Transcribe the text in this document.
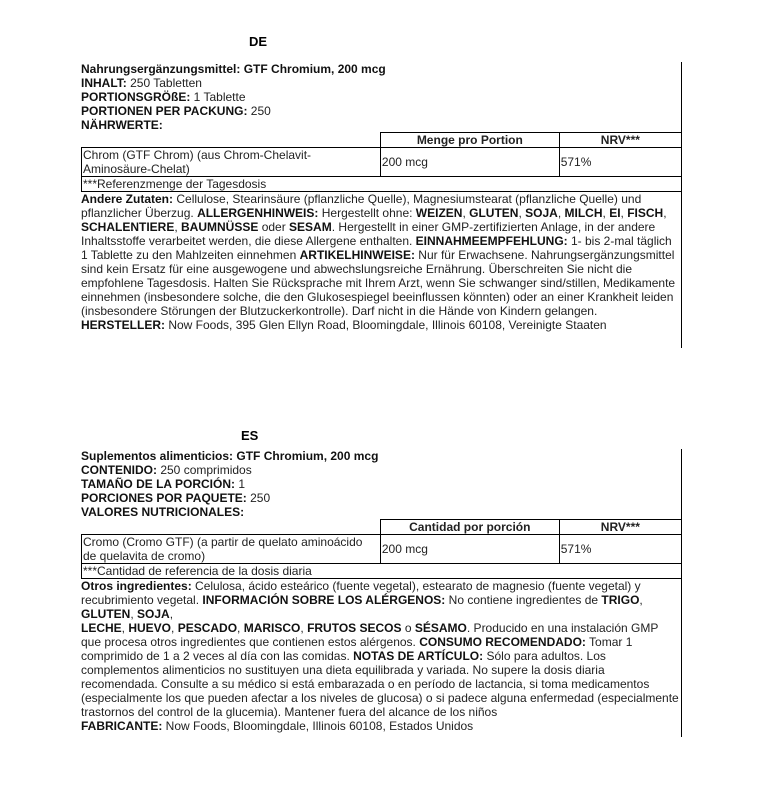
DE
Nahrungsergänzungsmittel: GTF Chromium, 200 mcg
INHALT: 250 Tabletten
PORTIONSGRÖßE: 1 Tablette
PORTIONEN PER PACKUNG: 250
NÄHRWERTE:
	Menge pro Portion	NRV***
Chrom (GTF Chrom) (aus Chrom-Chelavit-Aminosäure-Chelat)	200 mcg	571%
***Referenzmenge der Tagesdosis		
Andere Zutaten: Cellulose, Stearinsäure (pflanzliche Quelle), Magnesiumstearat (pflanzliche Quelle) und pflanzlicher Überzug. ALLERGENHINWEIS: Hergestellt ohne: WEIZEN, GLUTEN, SOJA, MILCH, EI, FISCH, SCHALENTIERE, BAUMNÜSSE oder SESAM. Hergestellt in einer GMP-zertifizierten Anlage, in der andere Inhaltsstoffe verarbeitet werden, die diese Allergene enthalten. EINNAHMEEMPFEHLUNG: 1- bis 2-mal täglich 1 Tablette zu den Mahlzeiten einnehmen ARTIKELHINWEISE: Nur für Erwachsene. Nahrungsergänzungsmittel sind kein Ersatz für eine ausgewogene und abwechslungsreiche Ernährung. Überschreiten Sie nicht die empfohlene Tagesdosis. Halten Sie Rücksprache mit Ihrem Arzt, wenn Sie schwanger sind/stillen, Medikamente einnehmen (insbesondere solche, die den Glukosespiegel beeinflussen könnten) oder an einer Krankheit leiden (insbesondere Störungen der Blutzuckerkontrolle). Darf nicht in die Hände von Kindern gelangen.
HERSTELLER: Now Foods, 395 Glen Ellyn Road, Bloomingdale, Illinois 60108, Vereinigte Staaten
ES
Suplementos alimenticios: GTF Chromium, 200 mcg
CONTENIDO: 250 comprimidos
TAMAÑO DE LA PORCIÓN: 1
PORCIONES POR PAQUETE: 250
VALORES NUTRICIONALES:
	Cantidad por porción	NRV***
Cromo (Cromo GTF) (a partir de quelato aminoácido de quelavita de cromo)	200 mcg	571%
***Cantidad de referencia de la dosis diaria		
Otros ingredientes: Celulosa, ácido esteárico (fuente vegetal), estearato de magnesio (fuente vegetal) y recubrimiento vegetal. INFORMACIÓN SOBRE LOS ALÉRGENOS: No contiene ingredientes de TRIGO,
GLUTEN, SOJA,
LECHE, HUEVO, PESCADO, MARISCO, FRUTOS SECOS o SÉSAMO. Producido en una instalación GMP que procesa otros ingredientes que contienen estos alérgenos. CONSUMO RECOMENDADO: Tomar 1 comprimido de 1 a 2 veces al día con las comidas. NOTAS DE ARTÍCULO: Sólo para adultos. Los complementos alimenticios no sustituyen una dieta equilibrada y variada. No supere la dosis diaria recomendada. Consulte a su médico si está embarazada o en período de lactancia, si toma medicamentos (especialmente los que pueden afectar a los niveles de glucosa) o si padece alguna enfermedad (especialmente trastornos del control de la glucemia). Mantener fuera del alcance de los niños
FABRICANTE: Now Foods, Bloomingdale, Illinois 60108, Estados Unidos
